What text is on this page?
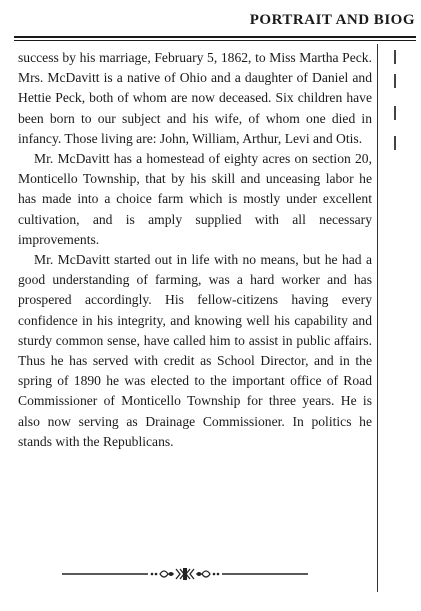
PORTRAIT AND BIOG

success by his marriage, February 5, 1862, to Miss Martha Peck. Mrs. McDavitt is a native of Ohio and a daughter of Daniel and Hettie Peck, both of whom are now deceased. Six children have been born to our subject and his wife, of whom one died in infancy. Those living are: John, William, Arthur, Levi and Otis.

Mr. McDavitt has a homestead of eighty acres on section 20, Monticello Township, that by his skill and unceasing labor he has made into a choice farm which is mostly under excellent cultivation, and is amply supplied with all necessary improvements.

Mr. McDavitt started out in life with no means, but he had a good understanding of farming, was a hard worker and has prospered accordingly. His fellow-citizens having every confidence in his integrity, and knowing well his capability and sturdy common sense, have called him to assist in public affairs. Thus he has served with credit as School Director, and in the spring of 1890 he was elected to the important office of Road Commissioner of Monticello Township for three years. He is also now serving as Drainage Commissioner. In politics he stands with the Republicans.
